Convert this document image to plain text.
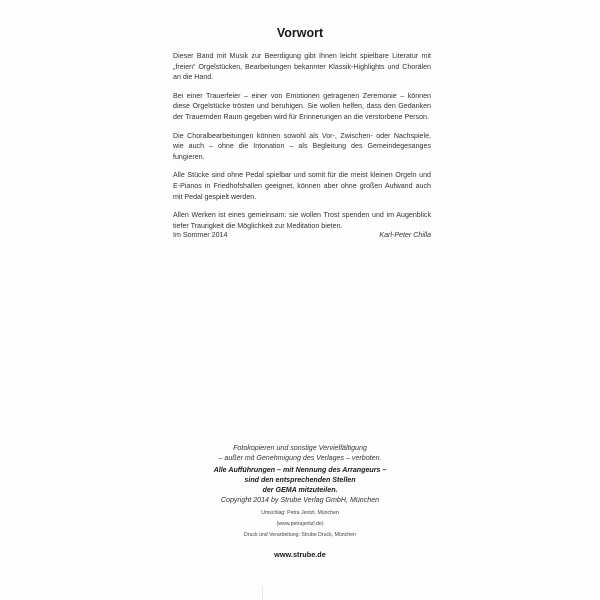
Vorwort

Dieser Band mit Musik zur Beerdigung gibt Ihnen leicht spielbare Literatur mit „freien“ Orgelstücken, Bearbeitungen bekannter Klassik-Highlights und Chorälen an die Hand.

Bei einer Trauerfeier – einer von Emotionen getragenen Zeremonie – können diese Orgelstücke trösten und beruhigen. Sie wollen helfen, dass den Gedanken der Trauernden Raum gegeben wird für Erinnerungen an die verstorbene Person.

Die Choralbearbeitungen können sowohl als Vor-, Zwischen- oder Nachspiele, wie auch – ohne die Intonation – als Begleitung des Gemeindegesanges fungieren.

Alle Stücke sind ohne Pedal spielbar und somit für die meist kleinen Orgeln und E-Pianos in Friedhofshallen geeignet, können aber ohne großen Aufwand auch mit Pedal gespielt werden.

Allen Werken ist eines gemeinsam: sie wollen Trost spenden und im Augenblick tiefer Traurigkeit die Möglichkeit zur Meditation bieten.

Im Sommer 2014	Karl-Peter Chilla
Fotokopieren und sonstige Vervielfältigung
– außer mit Genehmigung des Verlages – verboten.
Alle Aufführungen – mit Nennung des Arrangeurs –
sind den entsprechenden Stellen
der GEMA mitzuteilen.
Copyright 2014 by Strube Verlag GmbH, München
Umschlag: Petra Jentzl, München
(www.petrajentzl.de)
Druck und Verarbeitung: Strube Druck, München
www.strube.de
